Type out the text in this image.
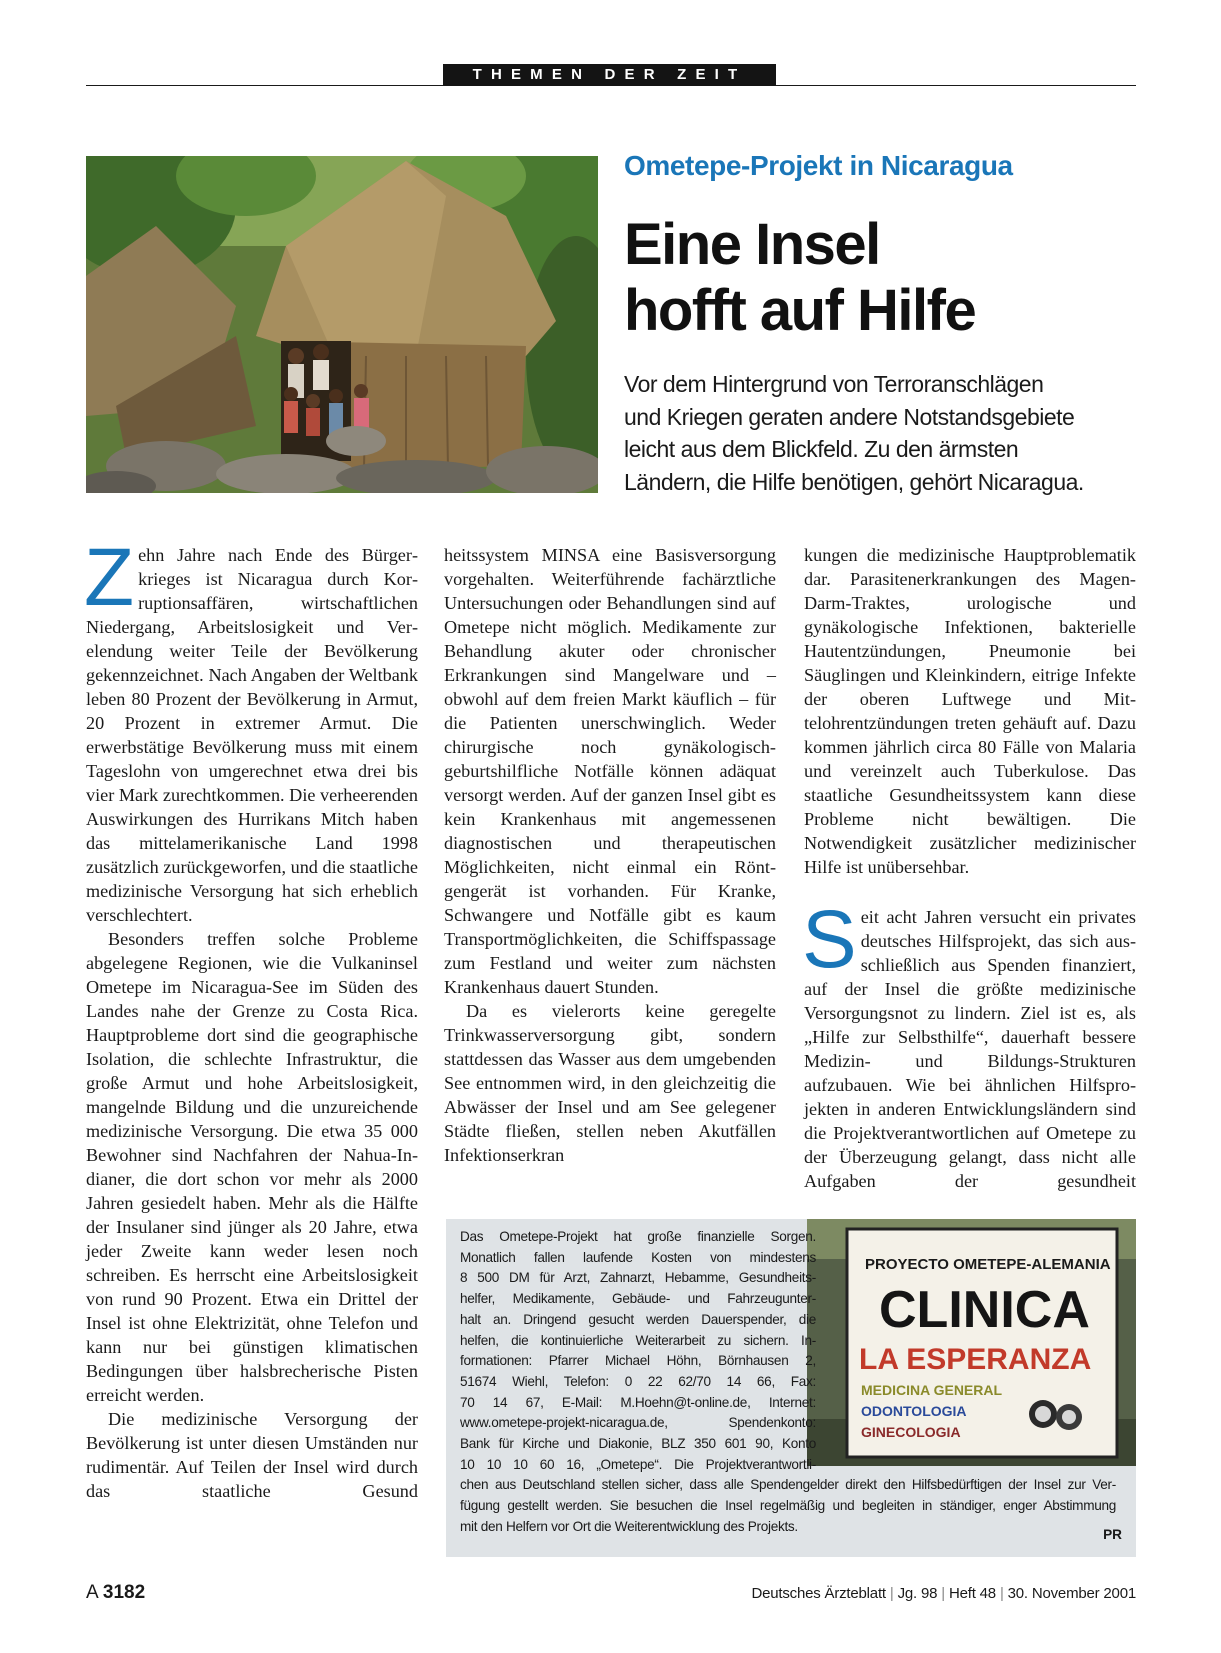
THEMEN DER ZEIT
Ometepe-Projekt in Nicaragua
Eine Insel
hofft auf Hilfe
Vor dem Hintergrund von Terroranschlägen
und Kriegen geraten andere Notstandsgebiete
leicht aus dem Blickfeld. Zu den ärmsten
Ländern, die Hilfe benötigen, gehört Nicaragua.

Zehn Jahre nach Ende des Bürgerkrieges ist Nicaragua durch Korruptionsaffären, wirtschaftlichen Niedergang, Arbeitslosigkeit und Verelendung weiter Teile der Bevölkerung gekennzeichnet. Nach Angaben der Weltbank leben 80 Prozent der Bevölkerung in Armut, 20 Prozent in extremer Armut. Die erwerbstätige Bevölkerung muss mit einem Tageslohn von umgerechnet etwa drei bis vier Mark zurechtkommen. Die verheerenden Auswirkungen des Hurrikans Mitch haben das mittelamerikanische Land 1998 zusätzlich zurückgeworfen, und die staatliche medizinische Versorgung hat sich erheblich verschlechtert.

Besonders treffen solche Probleme abgelegene Regionen, wie die Vulkaninsel Ometepe im Nicaragua-See im Süden des Landes nahe der Grenze zu Costa Rica. Hauptprobleme dort sind die geographische Isolation, die schlechte Infrastruktur, die große Armut und hohe Arbeitslosigkeit, mangelnde Bildung und die unzureichende medizinische Versorgung. Die etwa 35 000 Bewohner sind Nachfahren der Nahua-Indianer, die dort schon vor mehr als 2000 Jahren gesiedelt haben. Mehr als die Hälfte der Insulaner sind jünger als 20 Jahre, etwa jeder Zweite kann weder lesen noch schreiben. Es herrscht eine Arbeitslosigkeit von rund 90 Prozent. Etwa ein Drittel der Insel ist ohne Elektrizität, ohne Telefon und kann nur bei günstigen klimatischen Bedingungen über halsbrecherische Pisten erreicht werden.

Die medizinische Versorgung der Bevölkerung ist unter diesen Umständen nur rudimentär. Auf Teilen der Insel wird durch das staatliche Gesund

heitssystem MINSA eine Basisversorgung vorgehalten. Weiterführende fachärztliche Untersuchungen oder Behandlungen sind auf Ometepe nicht möglich. Medikamente zur Behandlung akuter oder chronischer Erkrankungen sind Mangelware und – obwohl auf dem freien Markt käuflich – für die Patienten unerschwinglich. Weder chirurgische noch gynäkologisch-geburtshilfliche Notfälle können adäquat versorgt werden. Auf der ganzen Insel gibt es kein Krankenhaus mit angemessenen diagnostischen und therapeutischen Möglichkeiten, nicht einmal ein Röntgengerät ist vorhanden. Für Kranke, Schwangere und Notfälle gibt es kaum Transportmöglichkeiten, die Schiffspassage zum Festland und weiter zum nächsten Krankenhaus dauert Stunden.

Da es vielerorts keine geregelte Trinkwasserversorgung gibt, sondern stattdessen das Wasser aus dem umgebenden See entnommen wird, in den gleichzeitig die Abwässer der Insel und am See gelegener Städte fließen, stellen neben Akutfällen Infektionserkran

kungen die medizinische Hauptproblematik dar. Parasitenerkrankungen des Magen-Darm-Traktes, urologische und gynäkologische Infektionen, bakterielle Hautentzündungen, Pneumonie bei Säuglingen und Kleinkindern, eitrige Infekte der oberen Luftwege und Mittelohrentzündungen treten gehäuft auf. Dazu kommen jährlich circa 80 Fälle von Malaria und vereinzelt auch Tuberkulose. Das staatliche Gesundheitssystem kann diese Probleme nicht bewältigen. Die Notwendigkeit zusätzlicher medizinischer Hilfe ist unübersehbar.

Seit acht Jahren versucht ein privates deutsches Hilfsprojekt, das sich ausschließlich aus Spenden finanziert, auf der Insel die größte medizinische Versorgungsnot zu lindern. Ziel ist es, als „Hilfe zur Selbsthilfe“, dauerhaft bessere Medizin- und Bildungs-Strukturen aufzubauen. Wie bei ähnlichen Hilfsprojekten in anderen Entwicklungsländern sind die Projektverantwortlichen auf Ometepe zu der Überzeugung gelangt, dass nicht alle Aufgaben der gesundheit

PROYECTO OMETEPE-ALEMANIA
CLINICA
LA ESPERANZA
MEDICINA GENERAL
ODONTOLOGIA
GINECOLOGIA
Das Ometepe-Projekt hat große finanzielle Sorgen.
Monatlich fallen laufende Kosten von mindestens
8 500 DM für Arzt, Zahnarzt, Hebamme, Gesundheits-
helfer, Medikamente, Gebäude- und Fahrzeugunter-
halt an. Dringend gesucht werden Dauerspender, die
helfen, die kontinuierliche Weiterarbeit zu sichern. In-
formationen: Pfarrer Michael Höhn, Börnhausen 2,
51674 Wiehl, Telefon: 0 22 62/70 14 66, Fax:
70 14 67, E-Mail: M.Hoehn@t-online.de, Internet:
www.ometepe-projekt-nicaragua.de, Spendenkonto:
Bank für Kirche und Diakonie, BLZ 350 601 90, Konto
10 10 10 60 16, „Ometepe“. Die Projektverantwortli-
chen aus Deutschland stellen sicher, dass alle Spendengelder direkt den Hilfsbedürftigen der Insel zur Ver-
fügung gestellt werden. Sie besuchen die Insel regelmäßig und begleiten in ständiger, enger Abstimmung
mit den Helfern vor Ort die Weiterentwicklung des Projekts.
PR
A 3182	Deutsches Ärzteblatt | Jg. 98 | Heft 48 | 30. November 2001
